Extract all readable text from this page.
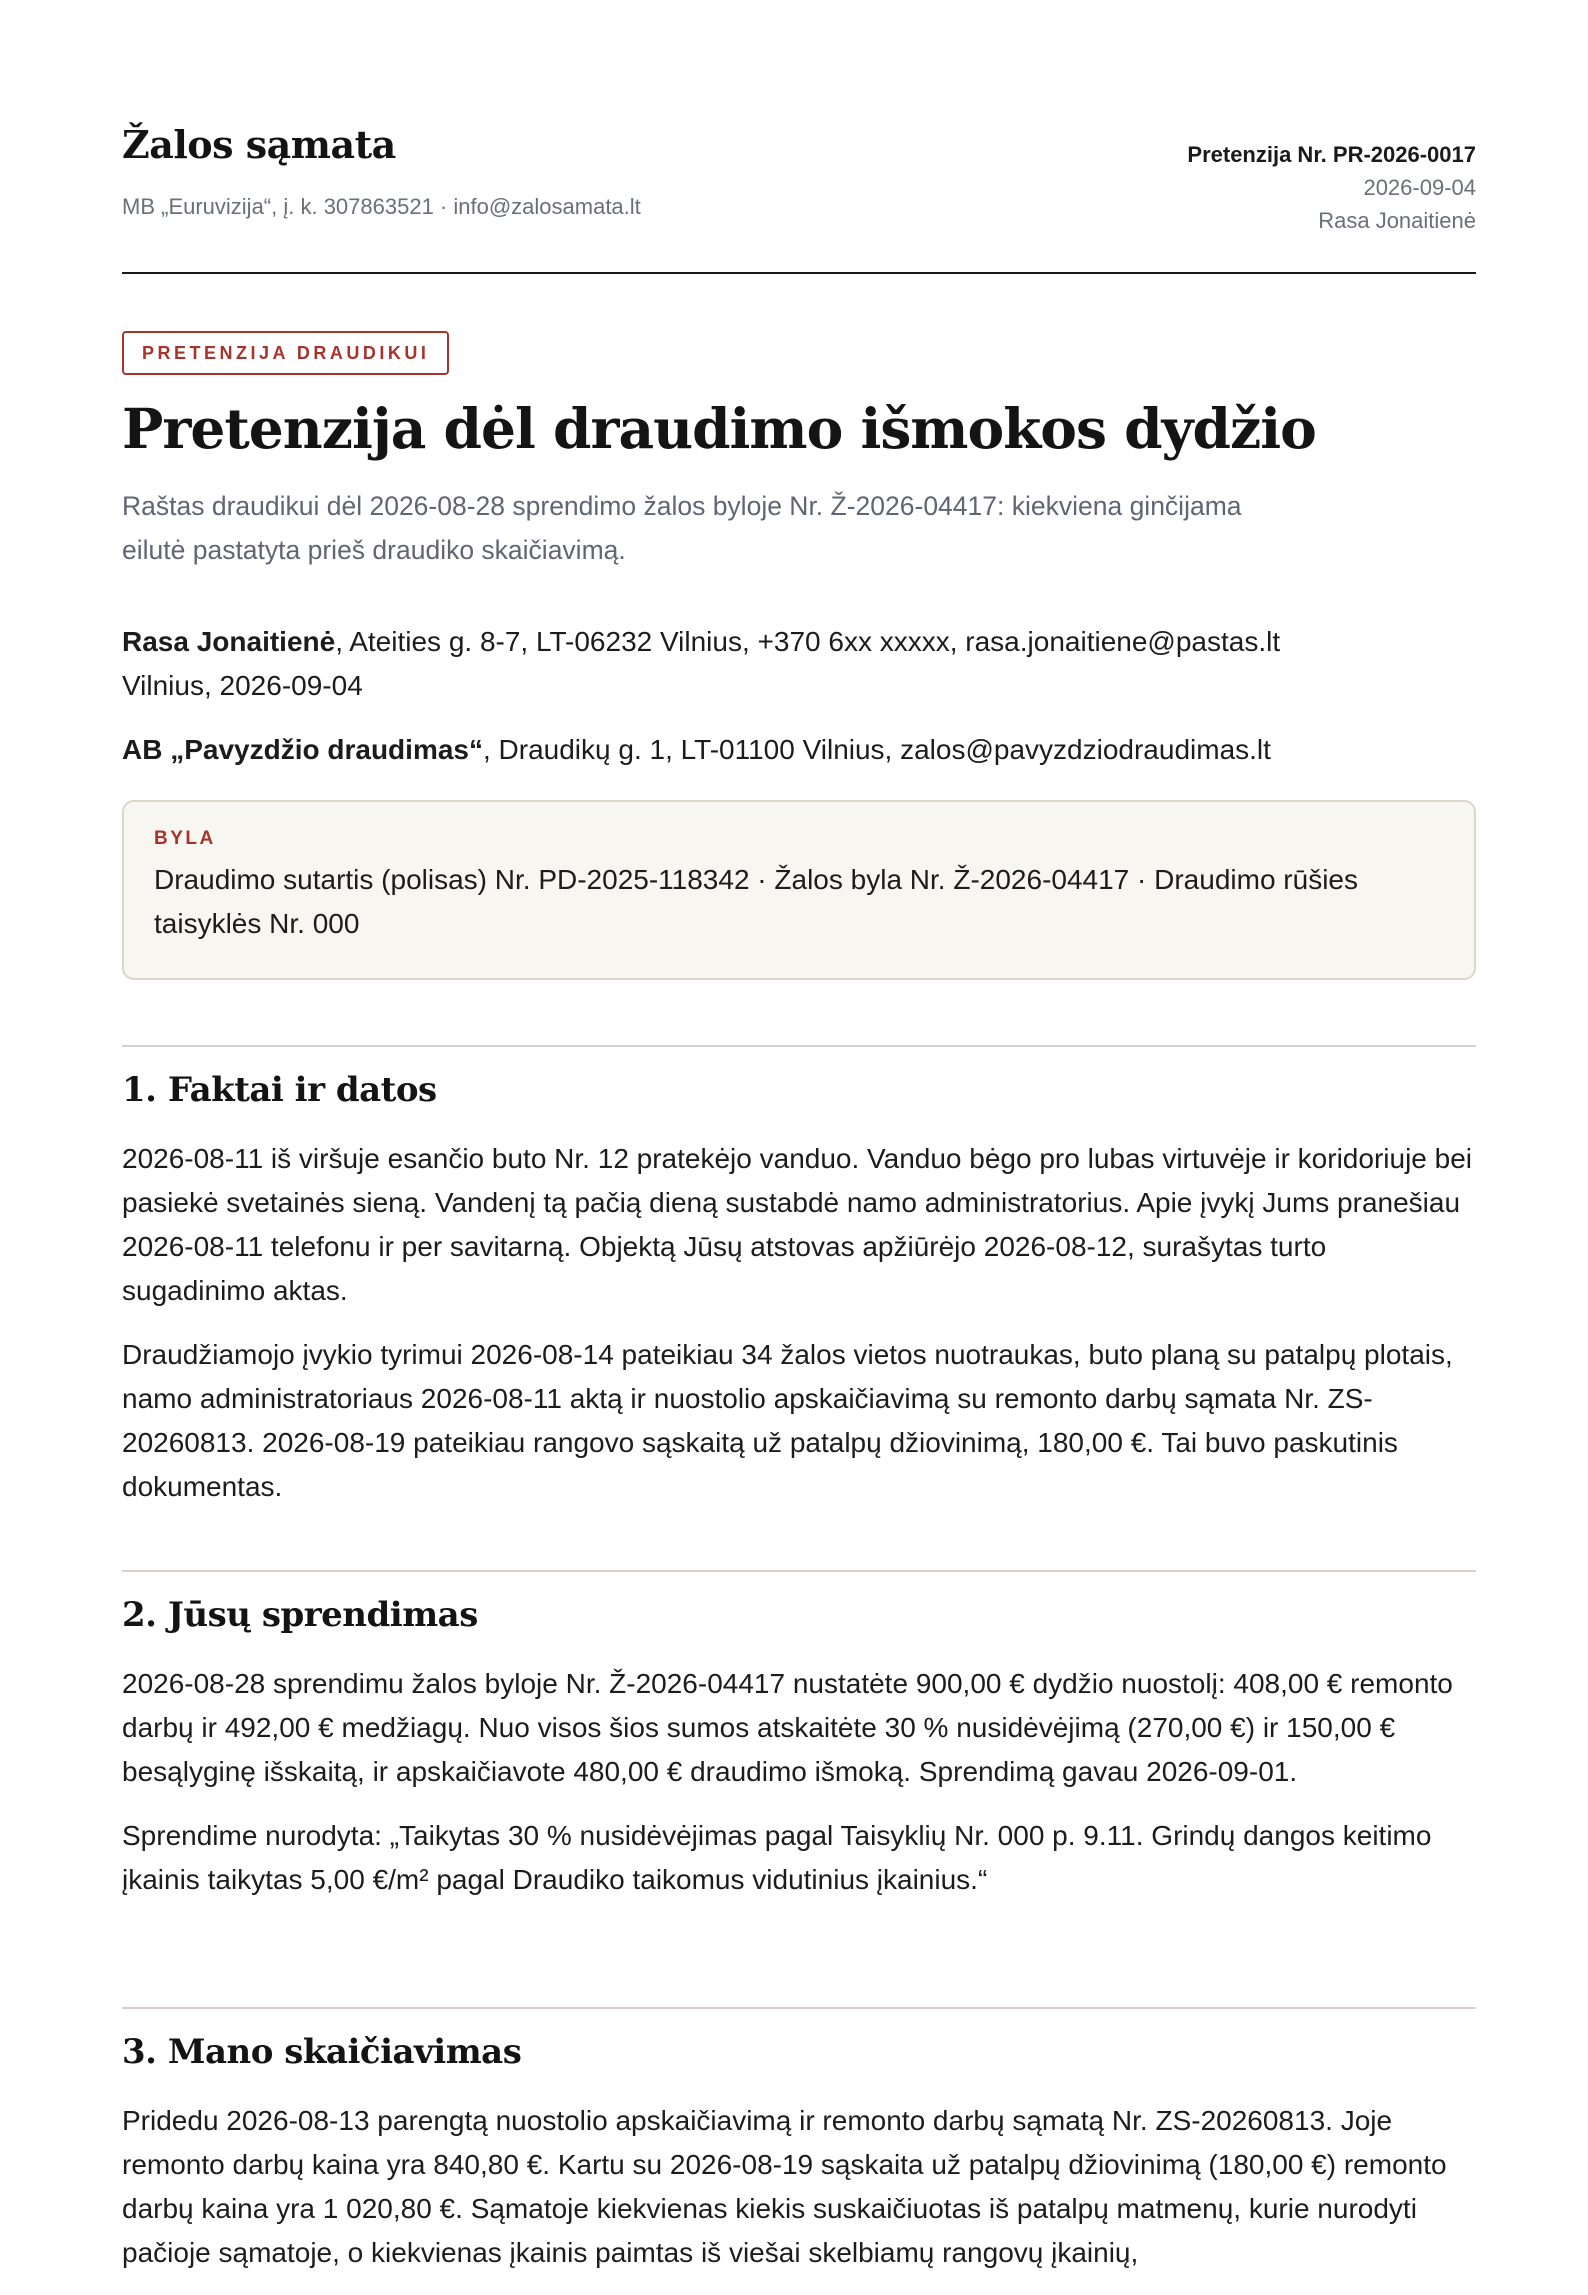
Žalos sąmata
MB „Euruvizija“, į. k. 307863521 · info@zalosamata.lt
Pretenzija Nr. PR-2026-0017
2026-09-04
Rasa Jonaitienė
PRETENZIJA DRAUDIKUI
Pretenzija dėl draudimo išmokos dydžio

Raštas draudikui dėl 2026-08-28 sprendimo žalos byloje Nr. Ž-2026-04417: kiekviena ginčijama eilutė pastatyta prieš draudiko skaičiavimą.

Rasa Jonaitienė, Ateities g. 8-7, LT-06232 Vilnius, +370 6xx xxxxx, rasa.jonaitiene@pastas.lt

Vilnius, 2026-09-04

AB „Pavyzdžio draudimas“, Draudikų g. 1, LT-01100 Vilnius, zalos@pavyzdziodraudimas.lt

BYLA
Draudimo sutartis (polisas) Nr. PD-2025-118342 · Žalos byla Nr. Ž-2026-04417 · Draudimo rūšies taisyklės Nr. 000
1. Faktai ir datos

2026-08-11 iš viršuje esančio buto Nr. 12 pratekėjo vanduo. Vanduo bėgo pro lubas virtuvėje ir koridoriuje bei pasiekė svetainės sieną. Vandenį tą pačią dieną sustabdė namo administratorius. Apie įvykį Jums pranešiau 2026-08-11 telefonu ir per savitarną. Objektą Jūsų atstovas apžiūrėjo 2026-08-12, surašytas turto sugadinimo aktas.

Draudžiamojo įvykio tyrimui 2026-08-14 pateikiau 34 žalos vietos nuotraukas, buto planą su patalpų plotais, namo administratoriaus 2026-08-11 aktą ir nuostolio apskaičiavimą su remonto darbų sąmata Nr. ZS-20260813. 2026-08-19 pateikiau rangovo sąskaitą už patalpų džiovinimą, 180,00 €. Tai buvo paskutinis dokumentas.

2. Jūsų sprendimas

2026-08-28 sprendimu žalos byloje Nr. Ž-2026-04417 nustatėte 900,00 € dydžio nuostolį: 408,00 € remonto darbų ir 492,00 € medžiagų. Nuo visos šios sumos atskaitėte 30 % nusidėvėjimą (270,00 €) ir 150,00 € besąlyginę išskaitą, ir apskaičiavote 480,00 € draudimo išmoką. Sprendimą gavau 2026-09-01.

Sprendime nurodyta: „Taikytas 30 % nusidėvėjimas pagal Taisyklių Nr. 000 p. 9.11. Grindų dangos keitimo įkainis taikytas 5,00 €/m² pagal Draudiko taikomus vidutinius įkainius.“

3. Mano skaičiavimas

Pridedu 2026-08-13 parengtą nuostolio apskaičiavimą ir remonto darbų sąmatą Nr. ZS-20260813. Joje remonto darbų kaina yra 840,80 €. Kartu su 2026-08-19 sąskaita už patalpų džiovinimą (180,00 €) remonto darbų kaina yra 1 020,80 €. Sąmatoje kiekvienas kiekis suskaičiuotas iš patalpų matmenų, kurie nurodyti pačioje sąmatoje, o kiekvienas įkainis paimtas iš viešai skelbiamų rangovų įkainių,
